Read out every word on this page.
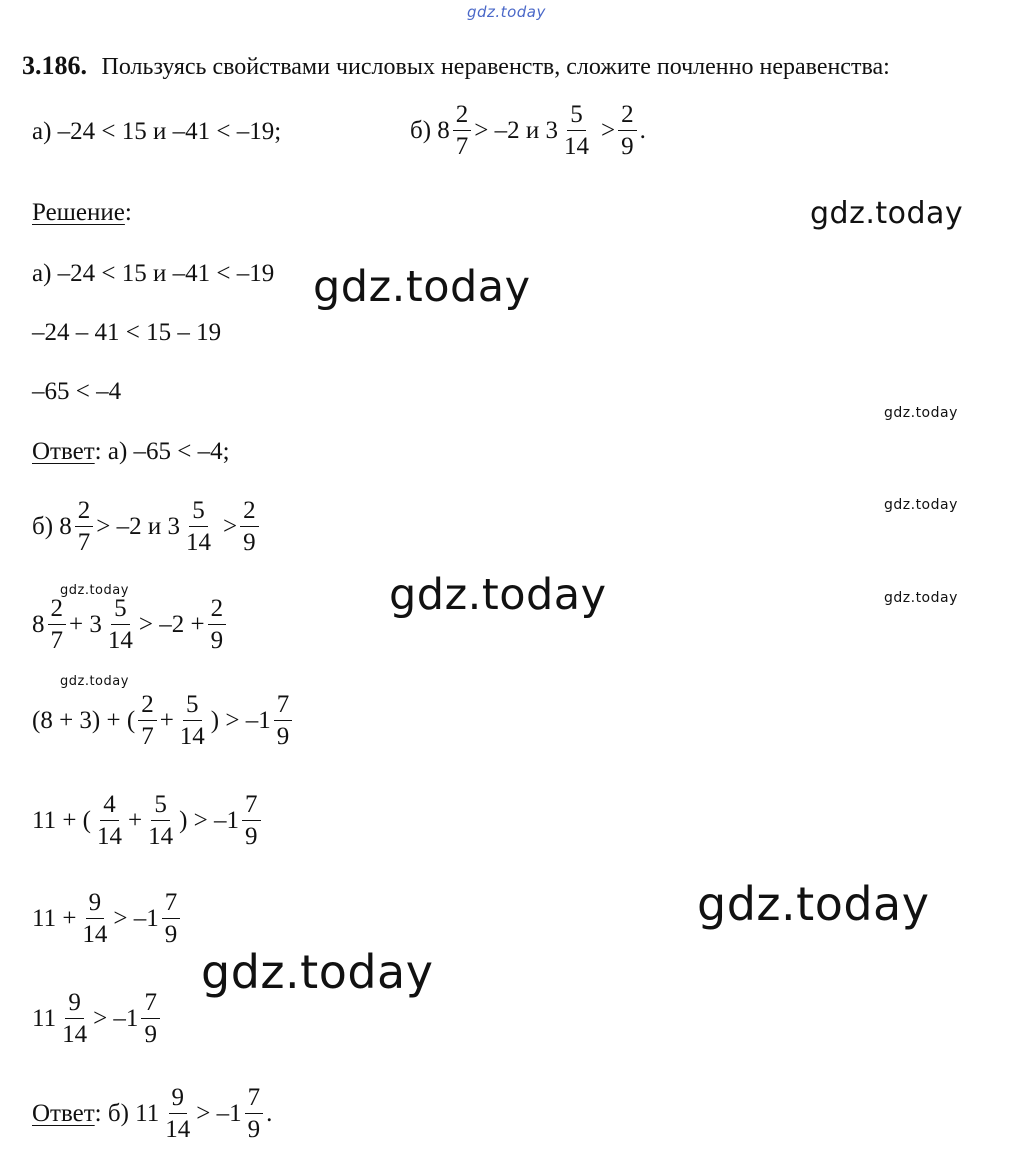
gdz.today
gdz.today
gdz.today
gdz.today
gdz.today
gdz.today	gdz.today
gdz.today
gdz.today
gdz.today
gdz.today
3.186. Пользуясь свойствами числовых неравенств, сложите почленно неравенства:
а) –24 < 15 и –41 < –19;	б) $8 \frac{2}{7} > -2$ и $3 \frac{5}{14} > \frac{2}{9}$ .
Решение :
а) –24 < 15 и –41 < –19
–24 – 41 < 15 – 19
–65 < –4
Ответ : а) –65 < –4;
б) $8 \frac{2}{7} > -2$ и $3 \frac{5}{14} > \frac{2}{9}$
$8 \frac{2}{7} + 3 \frac{5}{14} > -2 + \frac{2}{9}$
(8 + 3) + ( $\frac{2}{7} + \frac{5}{14}$ ) > $-1 \frac{7}{9}$
11 + ( $\frac{4}{14} + \frac{5}{14}$ ) > $-1 \frac{7}{9}$
$11 + \frac{9}{14} > -1 \frac{7}{9}$
$11 \frac{9}{14} > -1 \frac{7}{9}$
Ответ : б) $11 \frac{9}{14} > -1 \frac{7}{9}$ .
